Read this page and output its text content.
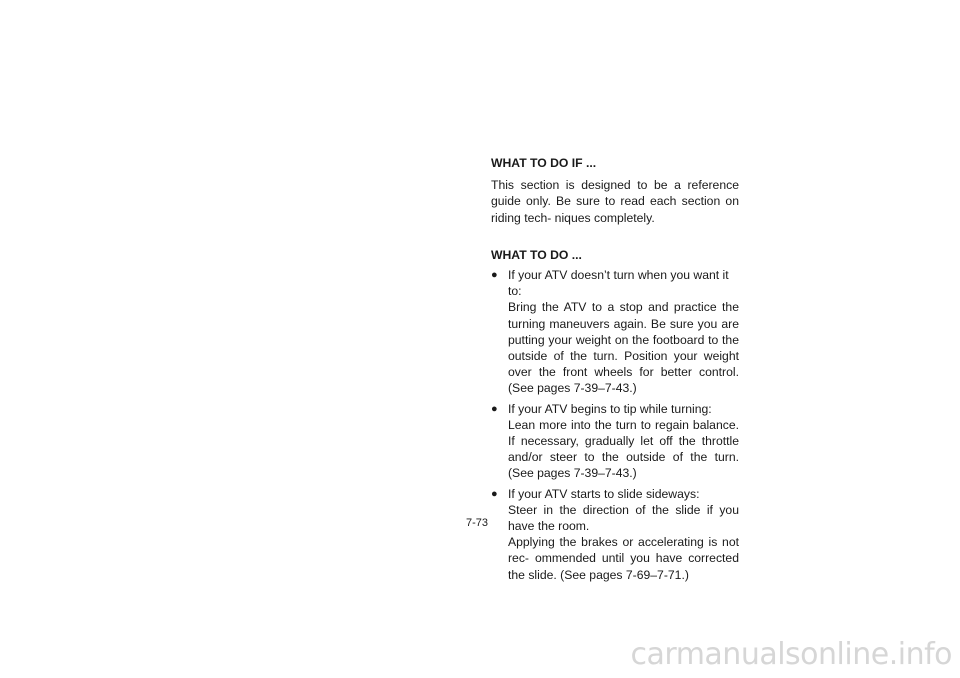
WHAT TO DO IF ...

This section is designed to be a reference guide only. Be sure to read each section on riding tech- niques completely.

WHAT TO DO ...
● If your ATV doesn’t turn when you want it to:
Bring the ATV to a stop and practice the turning maneuvers again. Be sure you are putting your weight on the footboard to the outside of the turn. Position your weight over the front wheels for better control. (See pages 7-39–7-43.)
● If your ATV begins to tip while turning:
Lean more into the turn to regain balance. If necessary, gradually let off the throttle and/or steer to the outside of the turn. (See pages 7-39–7-43.)
● If your ATV starts to slide sideways:
Steer in the direction of the slide if you have the room.
Applying the brakes or accelerating is not rec- ommended until you have corrected the slide. (See pages 7-69–7-71.)
7-73
carmanualsonline.info
